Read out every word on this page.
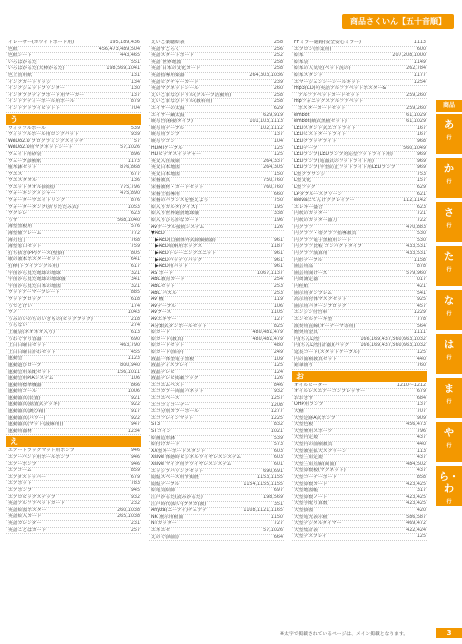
商品さくいん【五十音順】
イレーザー(ホワイトボード用)	195,189,436
色紙	456,473,489,504
色紙シート	443,465
いろはかるた	551
いろはかるた(犬棒かるた)	198,569,1041
色上質用紙	131
インクカートリッジ	134
インクジェットプリンター	130
インタラクティブボード用マーカー	137
インドアティーボール用ボール	879
インドアドライビットト	704
う
ウィッフルボール	539
ウィッフルボール用ロングバット	939
WeDo2.0 プログラミングスイッチ	57
WeDo2.0用マグネットシート	57,1026
ウェイト用砂袋	896
ウェーブ診断紙	1173
植木鉢セット	876,868
ウエス	677
ウエスタオル	136
ウエットタオル(除菌)	775,796
ウォーキングメジャー	475,890
ウォーターウエイトリング	876
ウォータータンク(折りたたみ式)	1053
ウクレレ	623
うず	568,1040
薄型黒板用	576
薄型額フレーム	772
薄刃包丁	768
薄型窓口セット	759
打ち抜き(PP)ケース(壁掛)	805
歌の教本ポスターセット	641
打棒(トライアングル用)	617
宇宙から見た地球の地球	321
宇宙から見た地球の地球儀	341
宇宙から見た日本の地図	321
ウッドアーマープレート	885
ウッドブロック	618
うでどけい	174
ウノ	1043
うみのいのちのいきもの(ビッグブック)	218
うらない	274
上履袋(ネオネオ入り)	613
うわぐすり容器	690
上日日曜日セット	463,790
上日日曜日かわセット	455
運動会	1123
運動遊びロープ	800,940
運動会用采配セット	156,1011
運動会用PIAシステム	106
運動用標準機器	866
運動用ゴール	1006
運動器具(装置)	921
運動器具(据置式デッキ)	922
運動器具(跳び箱)	917
運動器具(パワー)	922
運動器具(マット(波線用))	947
運動用器材	1234
え
エアートラックマット用ポンプ	946
エアーバンド用ボールポンプ	946
エアーポンプ	946
エアゴーム	859
エアダストッパー	679
エアポット	783
エアポンプ	945
エアロビックステップ	932
英語アルファベットカード	232
英語絵図ポスター	260,1038
英語絵入カード	265,1038
英語カレンダー	231
英語ことばカード	257
えいご楽聴絵表	258
英語すごろく	256
英語スタートボード	252
英語 世界地図	258
英語 日本の文化カード	258
英語指導用楽器	264,303,1036
英語ピクチャーカード	239
英語マグネットシール	260
えいごまなびドリル(グループ活動用)	258
えいごまなびドリル(教科用)	258
エイサーの太鼓	629
エイサー鋼太鼓	629,919
映写台(移動タイプ)	101,103,1113
映写用テーブル	102,1112
映写用ランプ	137
映写ワゴン	104
HDMIケーブル	125
HDビデオスイッチャー	125
英文入住成績	264,337
英文日本地図	264,305
英文日本地図	150
栄養教具	750,760
栄養教材・カードセット	760,760
栄養士指導用	660
栄養のバランスを整えよう	750
絵入りカルタ(クイズ)	195
絵入り世界通貨地球儀	338
絵入りひらがなカード	196
AVケーブル接続システム	126
▼AED
▶AED(自動体外式除細動器)	961
▶AED収納用ボックス	1187
▶AEDトレーニングユニット	961
▶AEDバッテリパック	961
▶AED用パッド	961
AS ボード	1067,1137
ABC教育カード	254
ABCセット	253
ABC パズル	253
AV 機	119
AVテーブル	106
AVブース	1105
AVエキサー	127
A分類式ダンボールセット	825
絵カード	480,481,479
絵カード(教具)	480,481,479
絵カードセット	480
絵カード(保存)	249
液晶一体型電子黒板	109
液晶ディスプレイ	125
液晶テレビ	124
液晶テレビ掲載フック	126
エコエムベスト	846
エコカラー両面パネット	932
エコエベース	1257
エコゴミコーナー	1208
エコ分別カラーボール	1277
エコフレインマット	1225
ST3	832
STコイン	1021
絵画造形鉢	539
絵付けカード	573
XX型キーボードスタンド	603
Xsive 体感時ビジネルワイヤレスシステム	603
Xsive マイク用ケワイヤレスシステム	601
エッジラバリングセット	690,691
閲覧スペース用す掲展	1153,1155
閲覧テーブル	1154,1155,1155
絵電気絵師	697
江戸かるた(読みかるた)	198,569
江戸時代(絵い)ブタカ(教)	351
Anyza(ニーアイ)チェアテ	1108,1121,1165
NK 展示用板面	1150
NTカッター	727
エネエセ	57,1026
えのぐ(両面)	664
FFミラー通路(安全安心ミラー)	1113
エプロン(作業用)	600
絵本	207,208,1000
絵本袋	1149
絵本の人気児(ペット洗の)	262,784
絵本スタンド	1177
エマージェンシーシールキット	1254
mp3(CD)可英語アルファベットポスター&
アルファベットカードセット	259,260
mpフォニックスアルファベット
ポスターカードセット	259,260
embot	61,1029
embot(網式黒板セット)	61,1029
LEDスタンド式エコトライト	167
LEDヒストタートライト	167
LEDクラッチライト	968
LEDテープ	560,1049
LEDランプ(LEDランプ対応型フットライト用)	969
LEDランプ(電器式のフットライト用)	969
LEDランプ(平型防止フットライト用LEDランプ	969
L型グラウンジ	753
L型文化	157
L型フック	629
LPダブルースクリーン	621
elevaにてんけグクレイアー	112,1142
エレキー盛合	623
円吹のカッター	721
円吹のカッター器刀	722
円グラフ	470,883
円グラフ・帯グラフ指導教具	530
円グラフ電子黒板用シート	530
円グラフ比較 コンパクトタイプ	433,531
円グラフ演算用	433,531
円形テーブル	1158
園芸用品	878
園芸用開けーズ	579,960
円周測定器	017
円柱紙	421
園示用ダンプレム	541
高示用付体マスクセット	925
園示用パターンブロック	457
エンジン付台車	1229
エンゼルケーキ型	778
演奏用直線(オーナーマ等用)	564
煙突用金具	1111
円(ちんL)型	166,169,437,560,663,1032
円(ちんL)型(計器)(バッグ 166,169,437,560,663,1032
延長コード(スタットケーブル)	125
円の面積教具セット	440
鉛筆削り	760
お
オイルヒーター	1210〜1212
オイルレスエアーコンプレッサー	679
おおきす	684
OHP用ランプ	137
大棚	707
大型足跡A式ポンプ	909
大型色板	456,473
大型乗用スポーツ	796
大型円定規	437
大型円の面積教具	440
大型教室拡大スクリーン	113
大型三角定規	437
大型三角点解(両面)	484,502
大型算数板(マグネット)	437
大型コーナーボード	858
大型算数カード	423,425
大型地図帳	317
大型算数ノート	423,425
大型手配り算数	423,425
大型掛図	420
大型電光表示板	586,587
大型デジタルタイマー	469,472
大型集計表	422,424
大型デスプレイ	125
商品
あ
行
か
行
さ
行
た
行
な
行
は
行
ま
行
や
行
ら・わ
行
※太字で掲載されているページは、メイン掲載となります。	3
